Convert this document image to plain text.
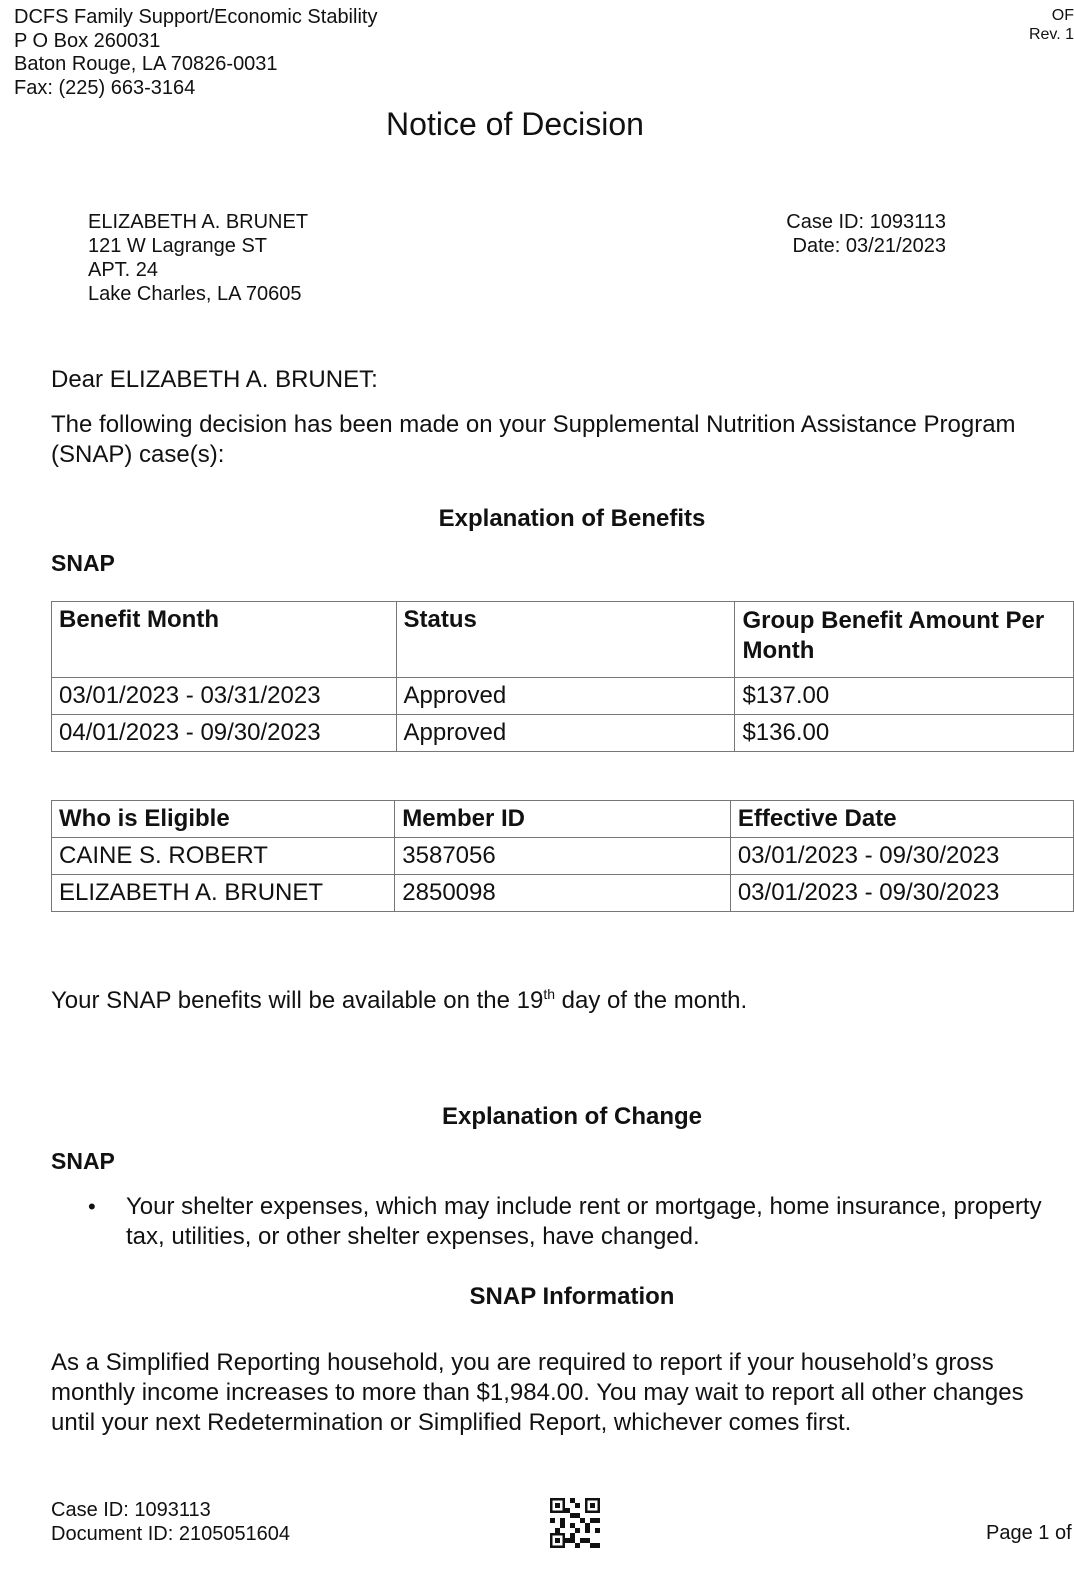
DCFS Family Support/Economic Stability
P O Box 260031
Baton Rouge, LA 70826-0031
Fax: (225) 663-3164
OF
Rev. 1
Notice of Decision
ELIZABETH A. BRUNET
121 W Lagrange ST
APT. 24
Lake Charles, LA 70605
Case ID: 1093113
Date: 03/21/2023
Dear ELIZABETH A. BRUNET:
The following decision has been made on your Supplemental Nutrition Assistance Program
(SNAP) case(s):
Explanation of Benefits
SNAP
Benefit Month	Status	Group Benefit Amount Per
Month
03/01/2023 - 03/31/2023	Approved	$137.00
04/01/2023 - 09/30/2023	Approved	$136.00
Who is Eligible	Member ID	Effective Date
CAINE S. ROBERT	3587056	03/01/2023 - 09/30/2023
ELIZABETH A. BRUNET	2850098	03/01/2023 - 09/30/2023
Your SNAP benefits will be available on the 19th day of the month.
Explanation of Change
SNAP
• Your shelter expenses, which may include rent or mortgage, home insurance, property
tax, utilities, or other shelter expenses, have changed.
SNAP Information
As a Simplified Reporting household, you are required to report if your household’s gross
monthly income increases to more than $1,984.00. You may wait to report all other changes
until your next Redetermination or Simplified Report, whichever comes first.
Case ID: 1093113
Document ID: 2105051604	Page 1 of
